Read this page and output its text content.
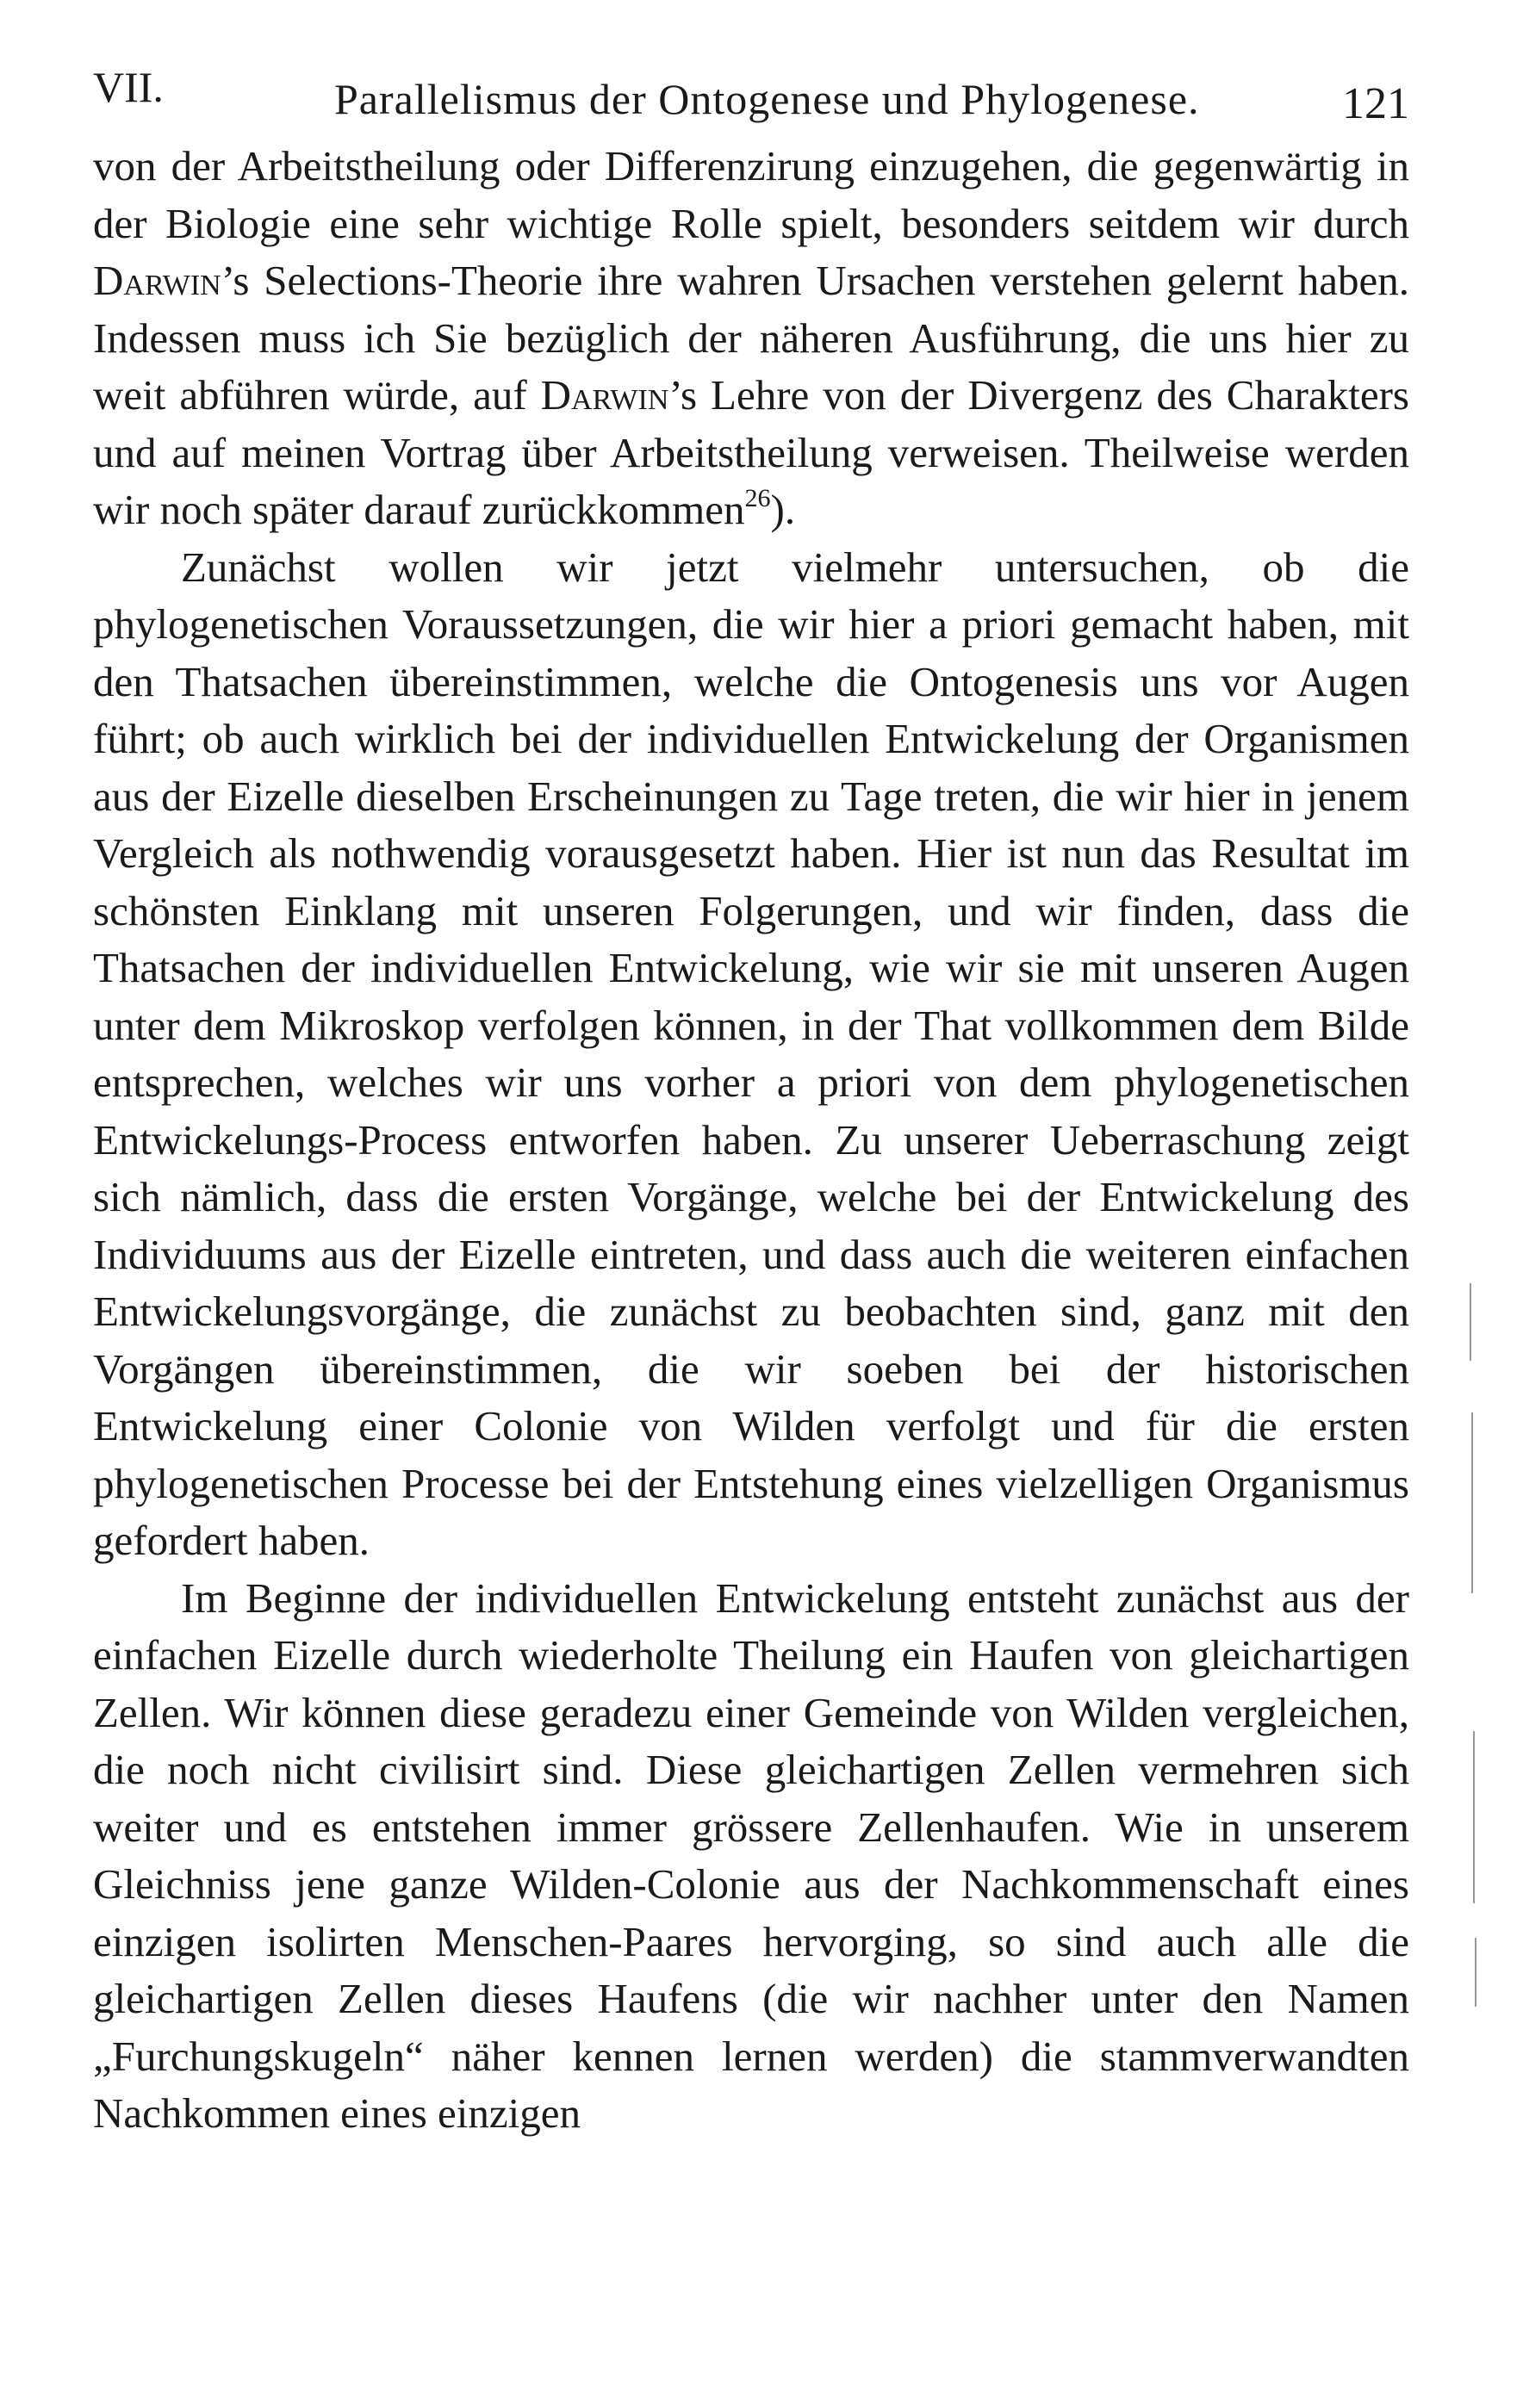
VII.	Parallelismus der Ontogenese und Phylogenese.	121

von der Arbeitstheilung oder Differenzirung einzugehen, die gegenwärtig in der Biologie eine sehr wichtige Rolle spielt, besonders seitdem wir durch Darwin’s Selections-Theorie ihre wahren Ursachen verstehen gelernt haben. Indessen muss ich Sie bezüglich der näheren Ausführung, die uns hier zu weit abführen würde, auf Darwin’s Lehre von der Divergenz des Charakters und auf meinen Vortrag über Arbeitstheilung verweisen. Theilweise werden wir noch später darauf zurückkommen$^{26}$).

Zunächst wollen wir jetzt vielmehr untersuchen, ob die phylogenetischen Voraussetzungen, die wir hier a priori gemacht haben, mit den Thatsachen übereinstimmen, welche die Ontogenesis uns vor Augen führt; ob auch wirklich bei der individuellen Entwickelung der Organismen aus der Eizelle dieselben Erscheinungen zu Tage treten, die wir hier in jenem Vergleich als nothwendig vorausgesetzt haben. Hier ist nun das Resultat im schönsten Einklang mit unseren Folgerungen, und wir finden, dass die Thatsachen der individuellen Entwickelung, wie wir sie mit unseren Augen unter dem Mikroskop verfolgen können, in der That vollkommen dem Bilde entsprechen, welches wir uns vorher a priori von dem phylogenetischen Entwickelungs-Process entworfen haben. Zu unserer Ueberraschung zeigt sich nämlich, dass die ersten Vorgänge, welche bei der Entwickelung des Individuums aus der Eizelle eintreten, und dass auch die weiteren einfachen Entwickelungsvorgänge, die zunächst zu beobachten sind, ganz mit den Vorgängen übereinstimmen, die wir soeben bei der historischen Entwickelung einer Colonie von Wilden verfolgt und für die ersten phylogenetischen Processe bei der Entstehung eines vielzelligen Organismus gefordert haben.

Im Beginne der individuellen Entwickelung entsteht zunächst aus der einfachen Eizelle durch wiederholte Theilung ein Haufen von gleichartigen Zellen. Wir können diese geradezu einer Gemeinde von Wilden vergleichen, die noch nicht civilisirt sind. Diese gleichartigen Zellen vermehren sich weiter und es entstehen immer grössere Zellenhaufen. Wie in unserem Gleichniss jene ganze Wilden-Colonie aus der Nachkommenschaft eines einzigen isolirten Menschen-Paares hervorging, so sind auch alle die gleichartigen Zellen dieses Haufens (die wir nachher unter den Namen „Furchungskugeln“ näher kennen lernen werden) die stammverwandten Nachkommen eines einzigen
